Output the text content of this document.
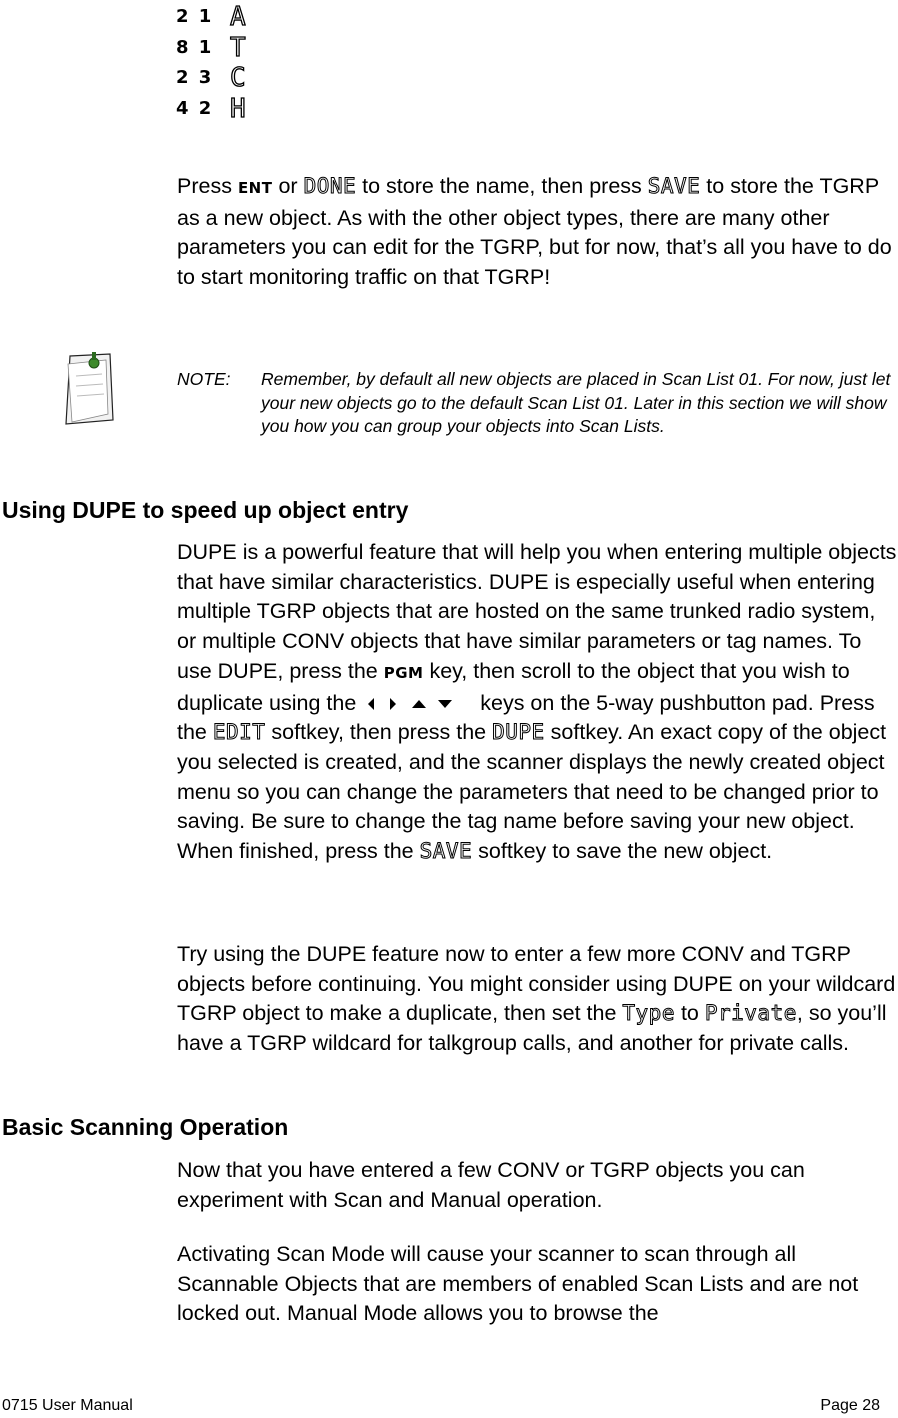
2 1 A
8 1 T
2 3 C
4 2 H

Press ENT or DONE to store the name, then press SAVE to store the TGRP as a new object. As with the other object types, there are many other parameters you can edit for the TGRP, but for now, that’s all you have to do to start monitoring traffic on that TGRP!

NOTE: Remember, by default all new objects are placed in Scan List 01. For now, just let your new objects go to the default Scan List 01. Later in this section we will show you how you can group your objects into Scan Lists.
Using DUPE to speed up object entry

DUPE is a powerful feature that will help you when entering multiple objects that have similar characteristics. DUPE is especially useful when entering multiple TGRP objects that are hosted on the same trunked radio system, or multiple CONV objects that have similar parameters or tag names. To use DUPE, press the PGM key, then scroll to the object that you wish to duplicate using the	keys on the 5-way pushbutton pad. Press the EDIT softkey, then press the DUPE softkey. An exact copy of the object you selected is created, and the scanner displays the newly created object menu so you can change the parameters that need to be changed prior to saving. Be sure to change the tag name before saving your new object. When finished, press the SAVE softkey to save the new object.

Try using the DUPE feature now to enter a few more CONV and TGRP objects before continuing. You might consider using DUPE on your wildcard TGRP object to make a duplicate, then set the Type to Private, so you’ll have a TGRP wildcard for talkgroup calls, and another for private calls.

Basic Scanning Operation

Now that you have entered a few CONV or TGRP objects you can experiment with Scan and Manual operation.

Activating Scan Mode will cause your scanner to scan through all Scannable Objects that are members of enabled Scan Lists and are not locked out. Manual Mode allows you to browse the

0715 User Manual	Page 28
